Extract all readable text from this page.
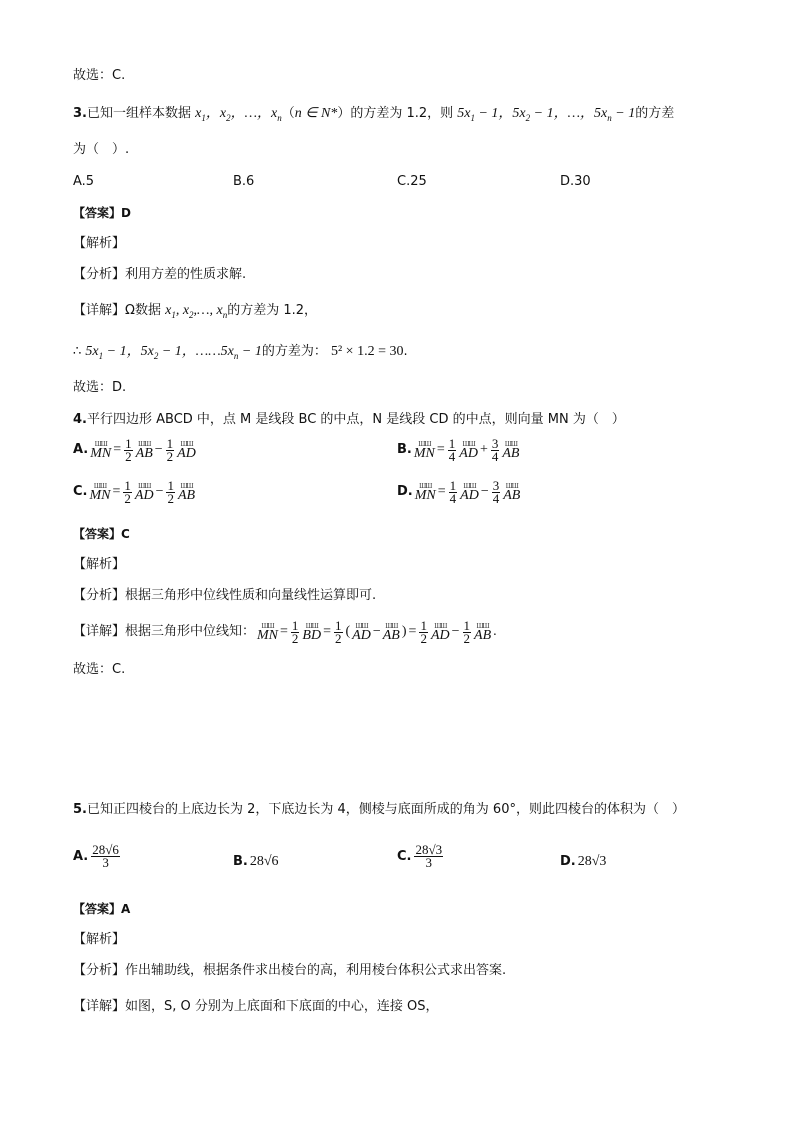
故选：C.
3.已知一组样本数据 $x_1$，$x_2$，…，$x_n(n$ ∈ N*）的方差为 1.2，则 $5x_1 - 1$，$5x_2 - 1$，…，$5x_n - 1$的方差
为（　）.
A.5	B.6	C.25	D.30
【答案】D
【解析】
【分析】利用方差的性质求解.
【详解】Ω数据 $x_1$, $x_2,\dots$, $x_n$的方差为 1.2，
∴ $5x_1 - 1$，$5x_2 - 1$，$\dots\dots 5x_n - 1$的方差为： 5² × 1.2 = 30.
故选：D.
4.平行四边形 ABCD 中，点 M 是线段 BC 的中点，N 是线段 CD 的中点，则向量 MN 为（　）
A. ШШ MN = $\frac{1}{2}$ ШШ AB − $\frac{1}{2}$ ШШ AD	B. ШШ MN = $\frac{1}{4}$ ШШ AD + $\frac{3}{4}$ ШШ AB
C. ШШ MN = $\frac{1}{2}$ ШШ AD − $\frac{1}{2}$ ШШ AB	D. ШШ MN = $\frac{1}{4}$ ШШ AD − $\frac{3}{4}$ ШШ AB
【答案】C
【解析】
【分析】根据三角形中位线性质和向量线性运算即可.
【详解】根据三角形中位线知： ШШ MN = $\frac{1}{2}$ ШШ BD = $\frac{1}{2}$ ( ШШ AD − ШШ AB ) = $\frac{1}{2}$ ШШ AD − $\frac{1}{2}$ ШШ AB .
故选：C.
5.已知正四棱台的上底边长为 2，下底边长为 4，侧棱与底面所成的角为 60°，则此四棱台的体积为（　）
A. $\frac{28√6}{3}$	B. 28√6	C. $\frac{28√3}{3}$	D. 28√3
【答案】A
【解析】
【分析】作出辅助线，根据条件求出棱台的高，利用棱台体积公式求出答案.
【详解】如图，S, O 分别为上底面和下底面的中心，连接 OS，
